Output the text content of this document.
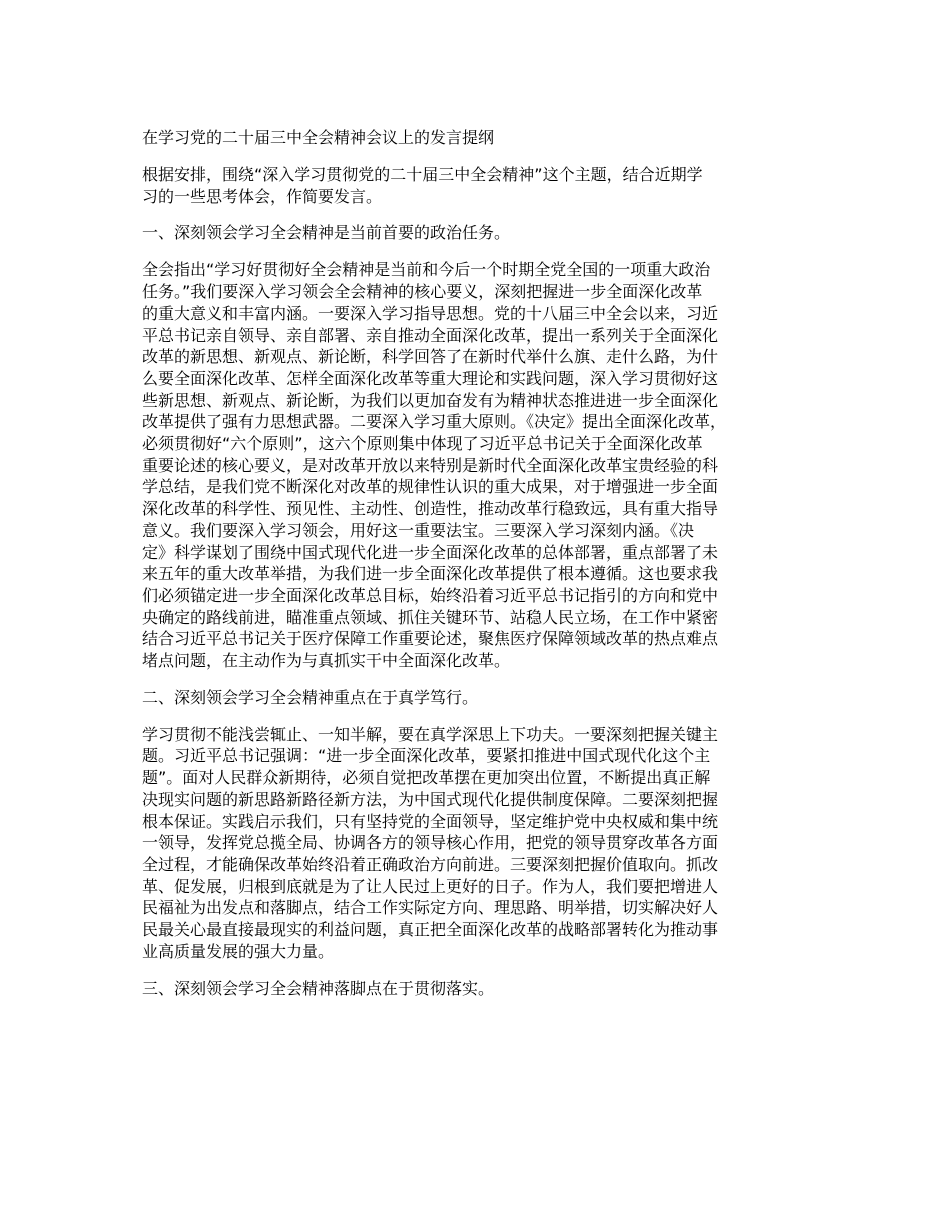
在学习党的二十届三中全会精神会议上的发言提纲
根据安排，围绕“深入学习贯彻党的二十届三中全会精神”这个主题，结合近期学
习的一些思考体会，作简要发言。
一、深刻领会学习全会精神是当前首要的政治任务。
全会指出“学习好贯彻好全会精神是当前和今后一个时期全党全国的一项重大政治
任务。”我们要深入学习领会全会精神的核心要义，深刻把握进一步全面深化改革
的重大意义和丰富内涵。一要深入学习指导思想。党的十八届三中全会以来，习近
平总书记亲自领导、亲自部署、亲自推动全面深化改革，提出一系列关于全面深化
改革的新思想、新观点、新论断，科学回答了在新时代举什么旗、走什么路，为什
么要全面深化改革、怎样全面深化改革等重大理论和实践问题，深入学习贯彻好这
些新思想、新观点、新论断，为我们以更加奋发有为精神状态推进进一步全面深化
改革提供了强有力思想武器。二要深入学习重大原则。《决定》提出全面深化改革，
必须贯彻好“六个原则”，这六个原则集中体现了习近平总书记关于全面深化改革
重要论述的核心要义，是对改革开放以来特别是新时代全面深化改革宝贵经验的科
学总结，是我们党不断深化对改革的规律性认识的重大成果，对于增强进一步全面
深化改革的科学性、预见性、主动性、创造性，推动改革行稳致远，具有重大指导
意义。我们要深入学习领会，用好这一重要法宝。三要深入学习深刻内涵。《决
定》科学谋划了围绕中国式现代化进一步全面深化改革的总体部署，重点部署了未
来五年的重大改革举措，为我们进一步全面深化改革提供了根本遵循。这也要求我
们必须锚定进一步全面深化改革总目标，始终沿着习近平总书记指引的方向和党中
央确定的路线前进，瞄准重点领域、抓住关键环节、站稳人民立场，在工作中紧密
结合习近平总书记关于医疗保障工作重要论述，聚焦医疗保障领域改革的热点难点
堵点问题，在主动作为与真抓实干中全面深化改革。
二、深刻领会学习全会精神重点在于真学笃行。
学习贯彻不能浅尝辄止、一知半解，要在真学深思上下功夫。一要深刻把握关键主
题。习近平总书记强调：“进一步全面深化改革，要紧扣推进中国式现代化这个主
题”。面对人民群众新期待，必须自觉把改革摆在更加突出位置，不断提出真正解
决现实问题的新思路新路径新方法，为中国式现代化提供制度保障。二要深刻把握
根本保证。实践启示我们，只有坚持党的全面领导，坚定维护党中央权威和集中统
一领导，发挥党总揽全局、协调各方的领导核心作用，把党的领导贯穿改革各方面
全过程，才能确保改革始终沿着正确政治方向前进。三要深刻把握价值取向。抓改
革、促发展，归根到底就是为了让人民过上更好的日子。作为人，我们要把增进人
民福祉为出发点和落脚点，结合工作实际定方向、理思路、明举措，切实解决好人
民最关心最直接最现实的利益问题，真正把全面深化改革的战略部署转化为推动事
业高质量发展的强大力量。
三、深刻领会学习全会精神落脚点在于贯彻落实。
